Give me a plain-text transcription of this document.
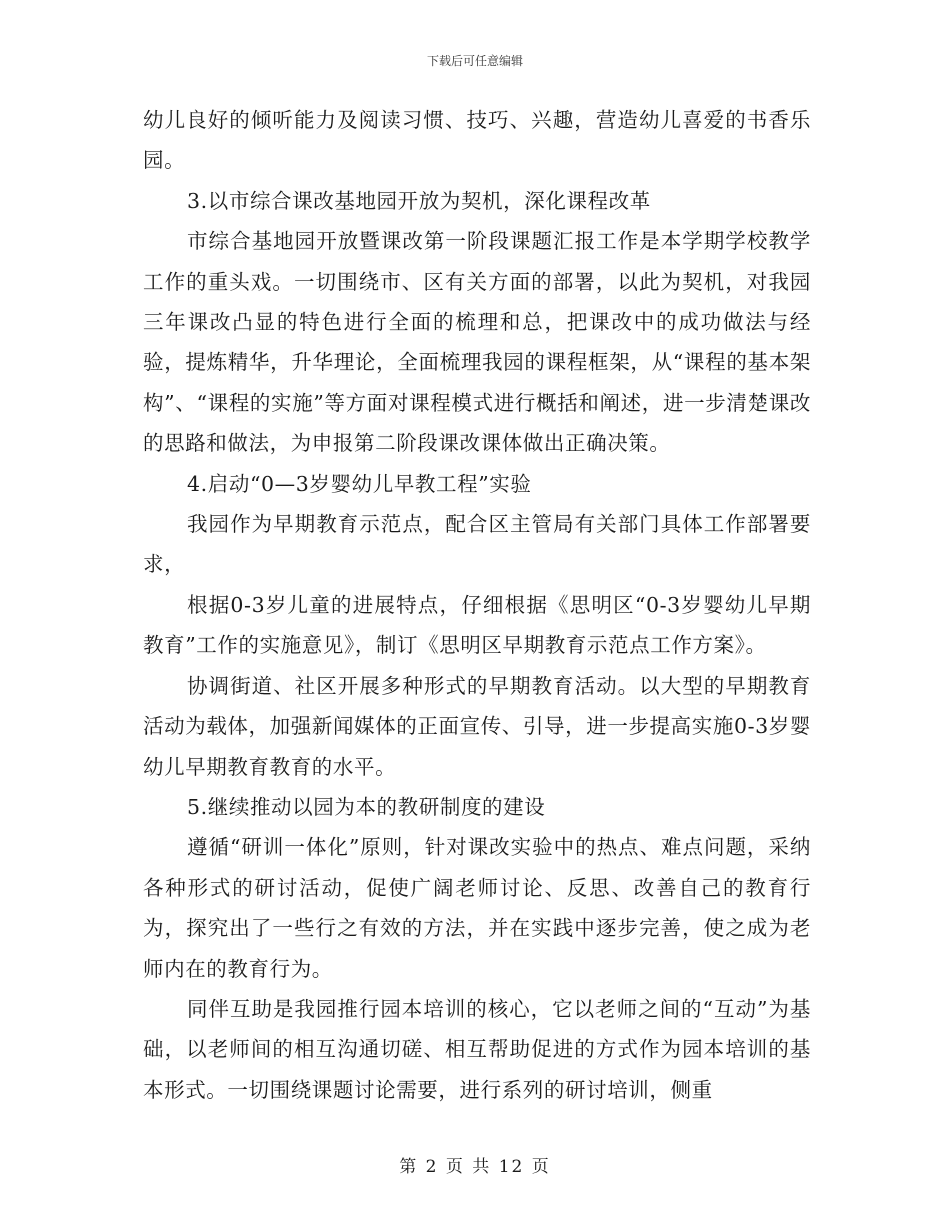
下载后可任意编辑

幼儿良好的倾听能力及阅读习惯、技巧、兴趣，营造幼儿喜爱的书香乐园。

3.以市综合课改基地园开放为契机，深化课程改革

市综合基地园开放暨课改第一阶段课题汇报工作是本学期学校教学工作的重头戏。一切围绕市、区有关方面的部署，以此为契机，对我园三年课改凸显的特色进行全面的梳理和总，把课改中的成功做法与经验，提炼精华，升华理论，全面梳理我园的课程框架，从“课程的基本架构”、“课程的实施”等方面对课程模式进行概括和阐述，进一步清楚课改的思路和做法，为申报第二阶段课改课体做出正确决策。

4.启动“0—3岁婴幼儿早教工程”实验

我园作为早期教育示范点，配合区主管局有关部门具体工作部署要求，

根据0-3岁儿童的进展特点，仔细根据《思明区“0-3岁婴幼儿早期教育”工作的实施意见》，制订《思明区早期教育示范点工作方案》。

协调街道、社区开展多种形式的早期教育活动。以大型的早期教育活动为载体，加强新闻媒体的正面宣传、引导，进一步提高实施0-3岁婴幼儿早期教育教育的水平。

5.继续推动以园为本的教研制度的建设

遵循“研训一体化”原则，针对课改实验中的热点、难点问题，采纳各种形式的研讨活动，促使广阔老师讨论、反思、改善自己的教育行为，探究出了一些行之有效的方法，并在实践中逐步完善，使之成为老师内在的教育行为。

同伴互助是我园推行园本培训的核心，它以老师之间的“互动”为基础，以老师间的相互沟通切磋、相互帮助促进的方式作为园本培训的基本形式。一切围绕课题讨论需要，进行系列的研讨培训，侧重

第 2 页 共 12 页
